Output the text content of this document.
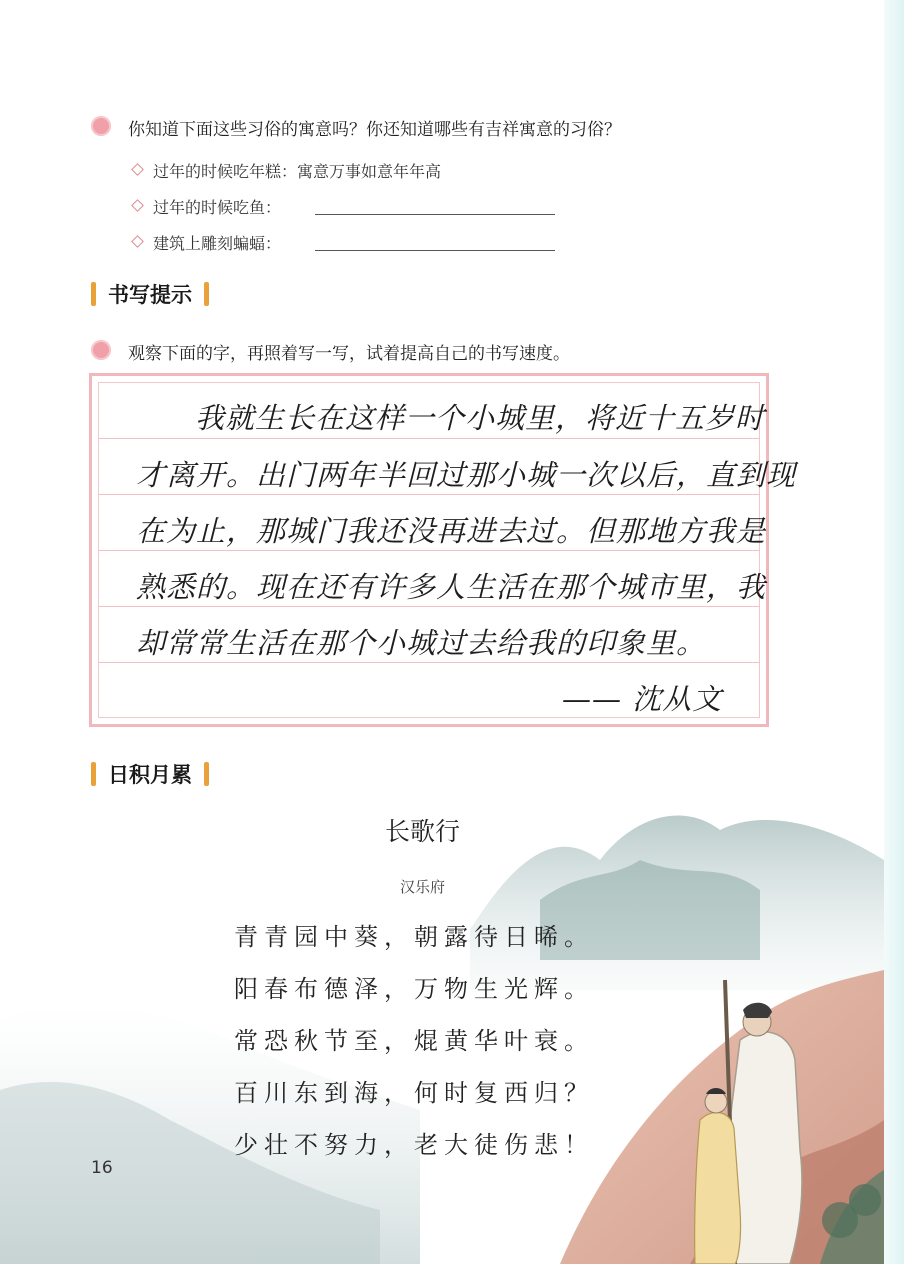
你知道下面这些习俗的寓意吗？你还知道哪些有吉祥寓意的习俗？
过年的时候吃年糕：寓意万事如意年年高
过年的时候吃鱼：
建筑上雕刻蝙蝠：
书写提示
观察下面的字，再照着写一写，试着提高自己的书写速度。
我就生长在这样一个小城里，将近十五岁时
才离开。出门两年半回过那小城一次以后，直到现
在为止，那城门我还没再进去过。但那地方我是
熟悉的。现在还有许多人生活在那个城市里，我
却常常生活在那个小城过去给我的印象里。
—— 沈从文
日积月累
长歌行
汉乐府
青青园中葵，朝露待日晞。
阳春布德泽，万物生光辉。
常恐秋节至，焜黄华叶衰。
百川东到海，何时复西归？
少壮不努力，老大徒伤悲！
16
